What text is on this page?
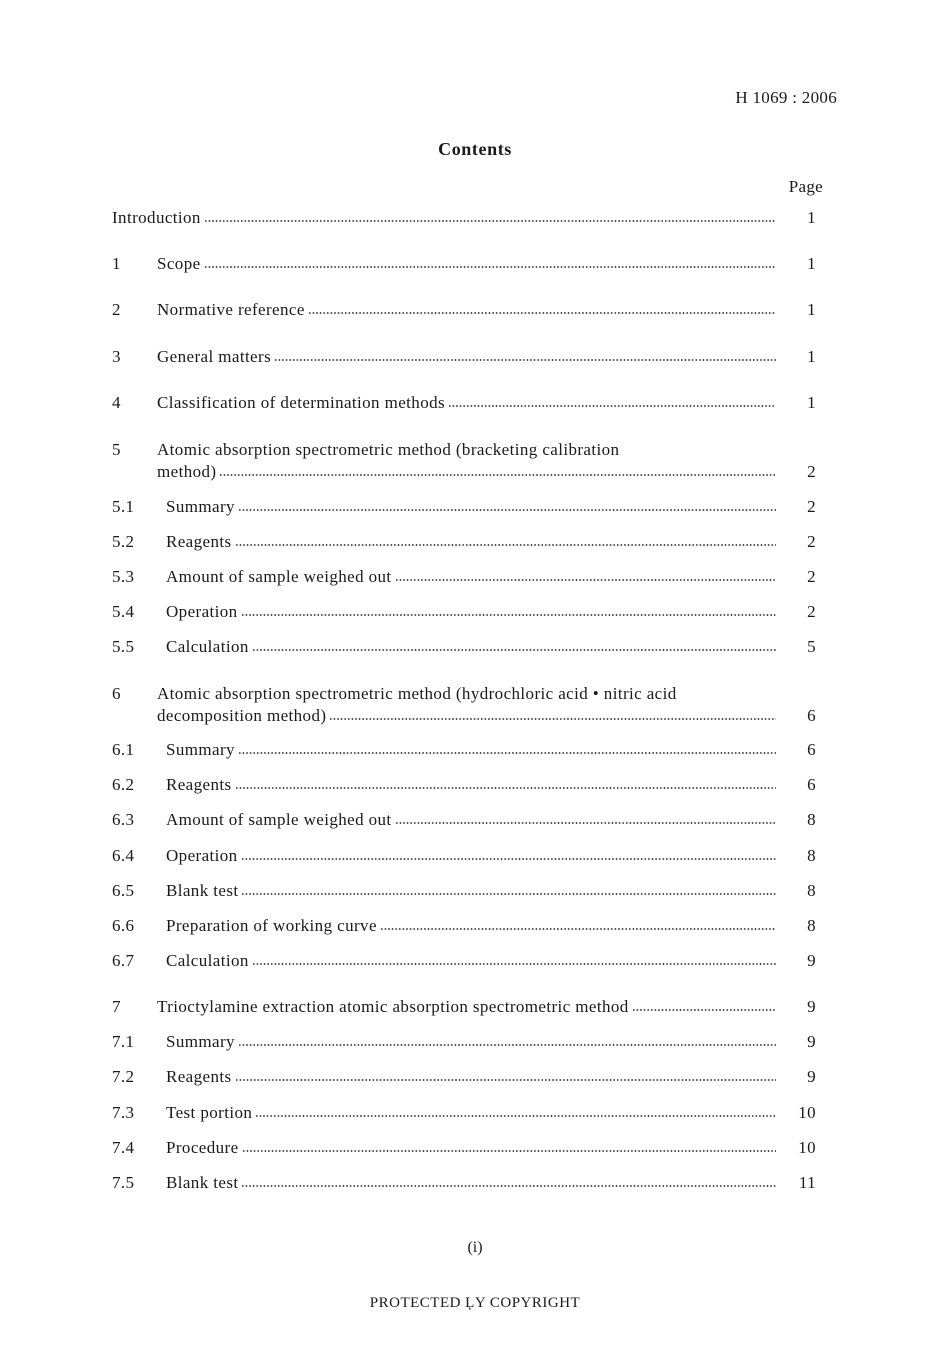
H 1069 : 2006
Contents
Page
Introduction	1
1	Scope	1
2	Normative reference	1
3	General matters	1
4	Classification of determination methods	1
5	Atomic absorption spectrometric method (bracketing calibration
method)	2
5.1	Summary	2
5.2	Reagents	2
5.3	Amount of sample weighed out	2
5.4	Operation	2
5.5	Calculation	5
6	Atomic absorption spectrometric method (hydrochloric acid • nitric acid
decomposition method)	6
6.1	Summary	6
6.2	Reagents	6
6.3	Amount of sample weighed out	8
6.4	Operation	8
6.5	Blank test	8
6.6	Preparation of working curve	8
6.7	Calculation	9
7	Trioctylamine extraction atomic absorption spectrometric method	9
7.1	Summary	9
7.2	Reagents	9
7.3	Test portion	10
7.4	Procedure	10
7.5	Blank test	11
(i)
PROTECTED ĻY COPYRIGHT
